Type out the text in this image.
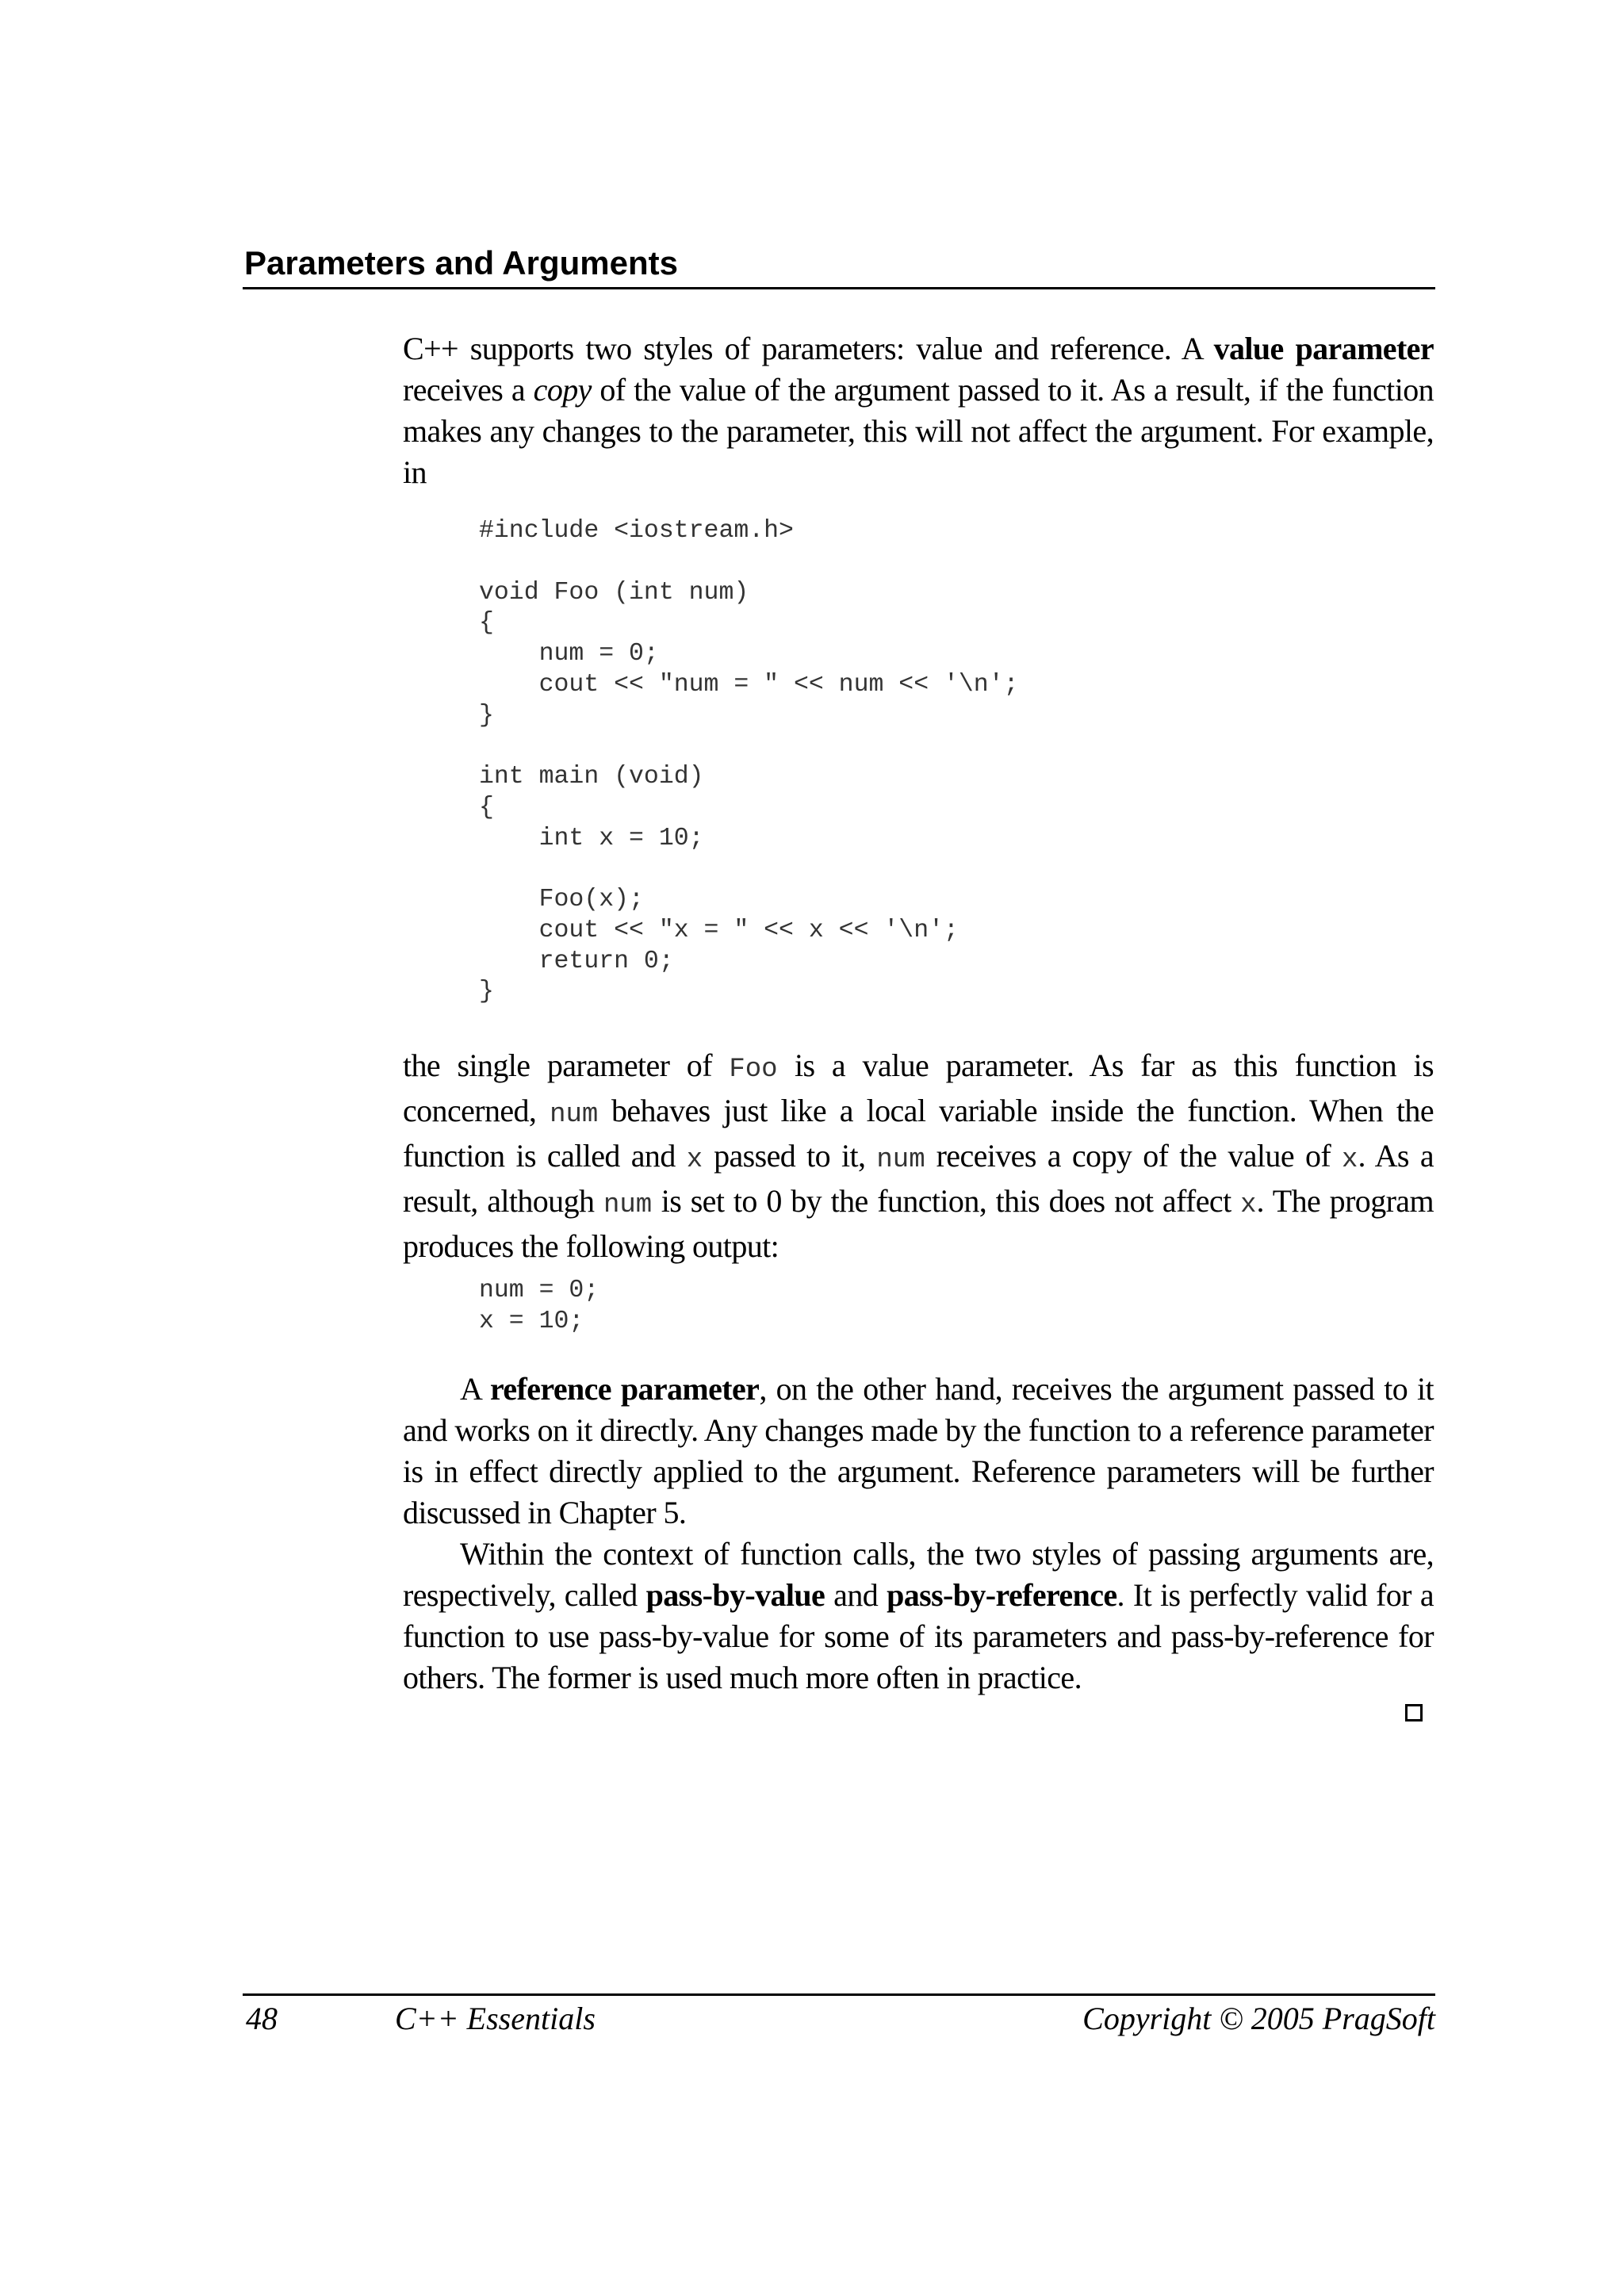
Parameters and Arguments

C++ supports two styles of parameters: value and reference. A value parameter receives a copy of the value of the argument passed to it. As a result, if the function makes any changes to the parameter, this will not affect the argument. For example, in

#include <iostream.h>

void Foo (int num)
{
num = 0;
cout << "num = " << num << '\n';
}

int main (void)
{
int x = 10;

Foo(x);
cout << "x = " << x << '\n';
return 0;
}

the single parameter of Foo is a value parameter. As far as this function is concerned, num behaves just like a local variable inside the function. When the function is called and x passed to it, num receives a copy of the value of x. As a result, although num is set to 0 by the function, this does not affect x. The program produces the following output:

num = 0;
x = 10;

A reference parameter, on the other hand, receives the argument passed to it and works on it directly. Any changes made by the function to a reference parameter is in effect directly applied to the argument. Reference parameters will be further discussed in Chapter 5.

Within the context of function calls, the two styles of passing arguments are, respectively, called pass-by-value and pass-by-reference. It is perfectly valid for a function to use pass-by-value for some of its parameters and pass-by-reference for others. The former is used much more often in practice.

48	C++ Essentials	Copyright © 2005 PragSoft
